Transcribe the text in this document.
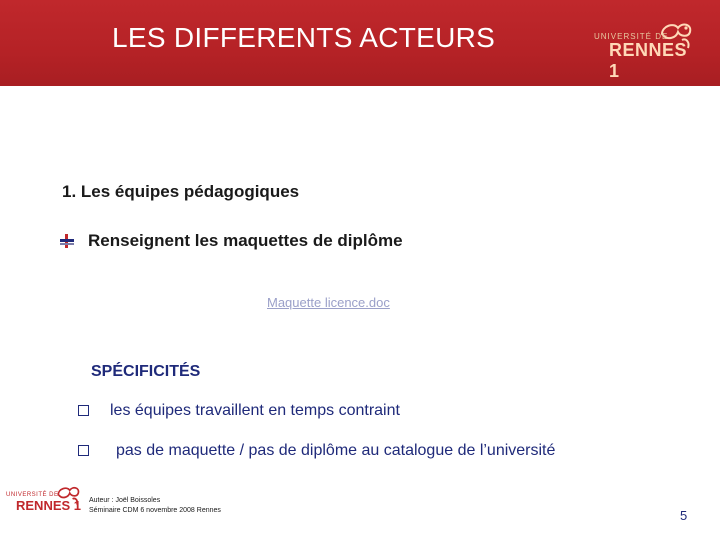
LES DIFFERENTS ACTEURS	UNIVERSITÉ DE
RENNES 1
1. Les équipes pédagogiques
Renseignent les maquettes de diplôme
Maquette licence.doc
SPÉCIFICITÉS
les équipes travaillent en temps contraint
pas de maquette / pas de diplôme au catalogue de l’université
UNIVERSITÉ DE
RENNES 1 Auteur : Joël Boissoles
Séminaire CDM 6 novembre 2008 Rennes	5
